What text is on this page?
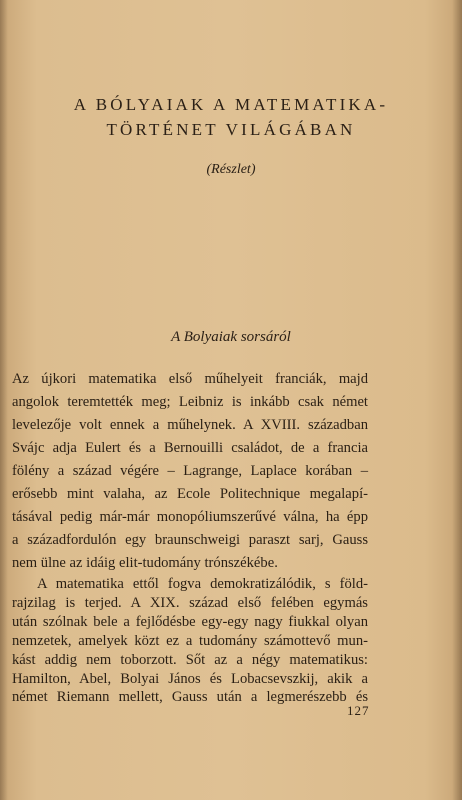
A BÓLYAIAK A MATEMATIKA-
TÖRTÉNET VILÁGÁBAN
(Részlet)
A Bolyaiak sorsáról
Az újkori matematika első műhelyeit franciák, majd
angolok teremtették meg; Leibniz is inkább csak német
levelezője volt ennek a műhelynek. A XVIII. században
Svájc adja Eulert és a Bernouilli családot, de a francia
fölény a század végére – Lagrange, Laplace korában –
erősebb mint valaha, az Ecole Politechnique megalapí-
tásával pedig már-már monopóliumszerűvé válna, ha épp
a századfordulón egy braunschweigi paraszt sarj, Gauss
nem ülne az idáig elit-tudomány trónszékébe.
A matematika ettől fogva demokratizálódik, s föld-
rajzilag is terjed. A XIX. század első felében egymás
után szólnak bele a fejlődésbe egy-egy nagy fiukkal olyan
nemzetek, amelyek közt ez a tudomány számottevő mun-
kást addig nem toborzott. Sőt az a négy matematikus:
Hamilton, Abel, Bolyai János és Lobacsevszkij, akik a
127
német Riemann mellett, Gauss után a legmerészebb és
